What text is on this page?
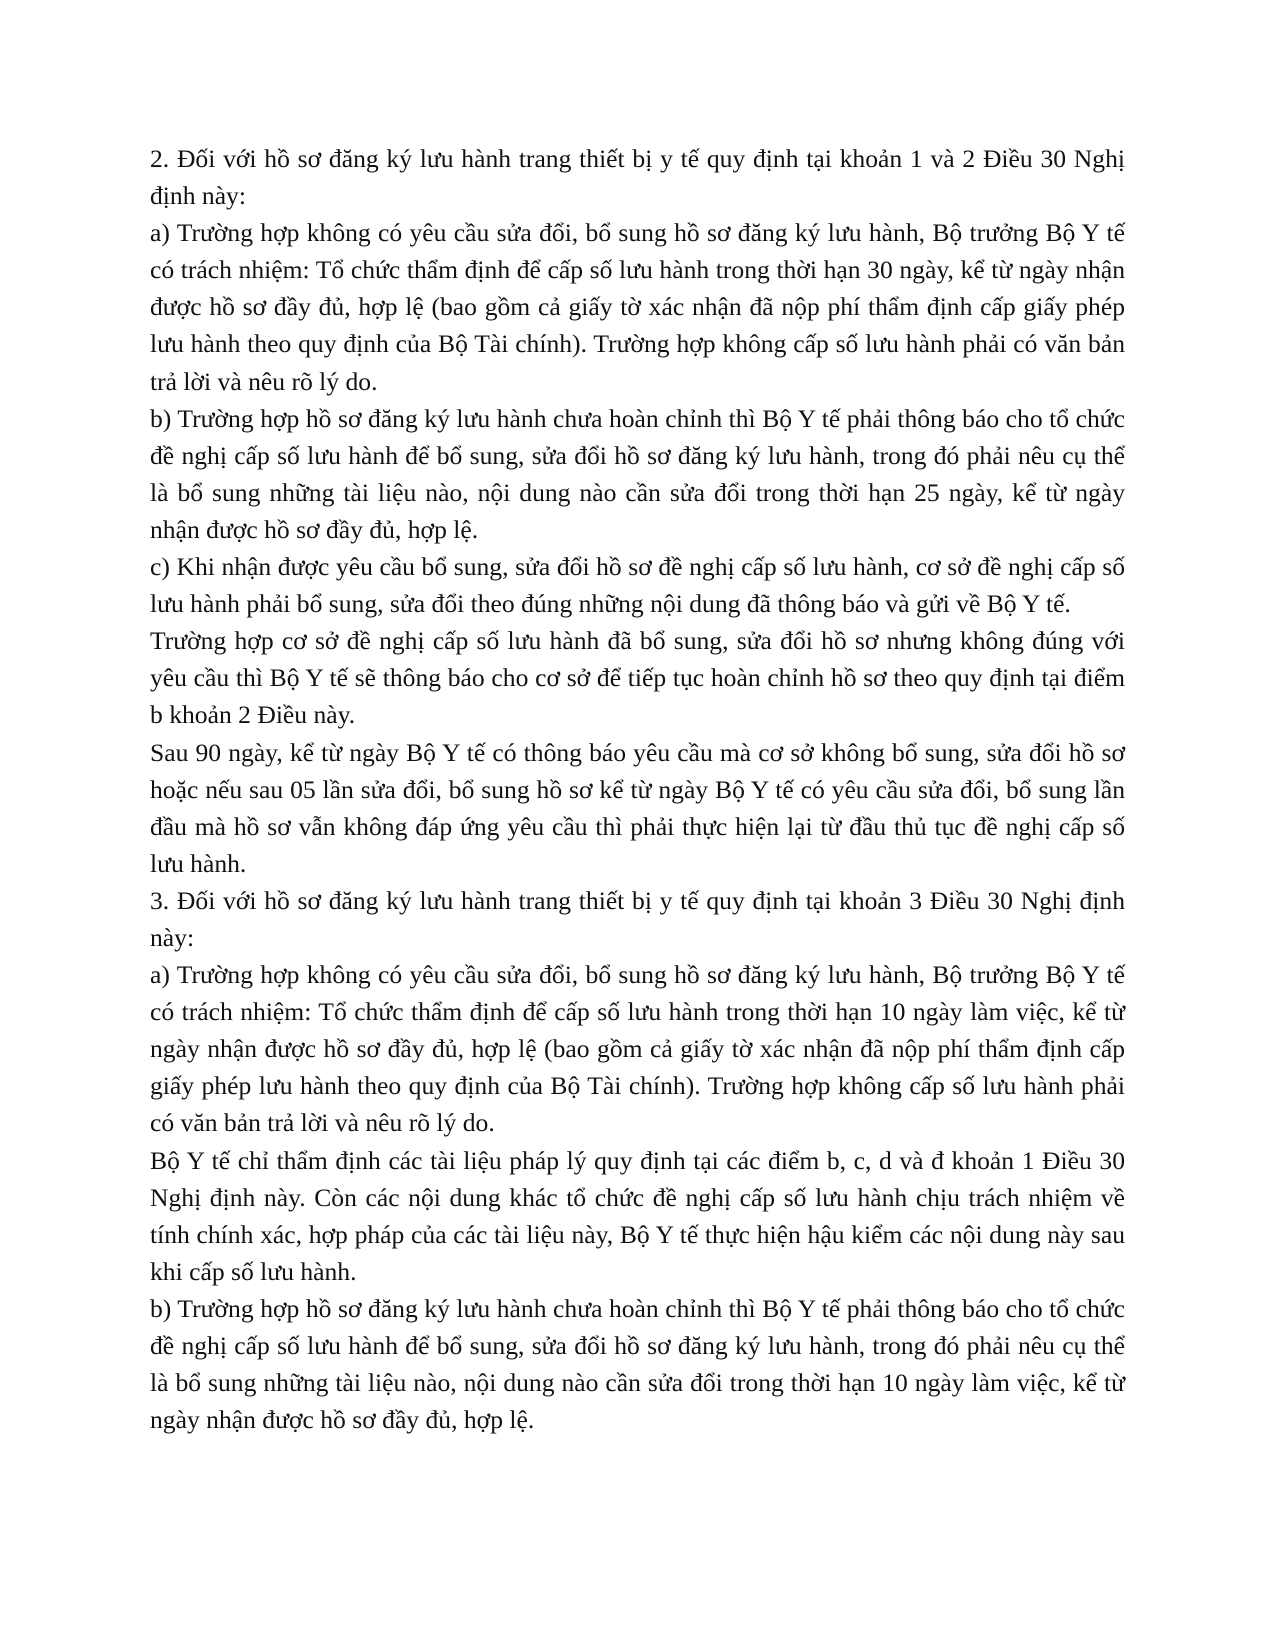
2. Đối với hồ sơ đăng ký lưu hành trang thiết bị y tế quy định tại khoản 1 và 2 Điều 30 Nghị định này:

a) Trường hợp không có yêu cầu sửa đổi, bổ sung hồ sơ đăng ký lưu hành, Bộ trưởng Bộ Y tế có trách nhiệm: Tổ chức thẩm định để cấp số lưu hành trong thời hạn 30 ngày, kể từ ngày nhận được hồ sơ đầy đủ, hợp lệ (bao gồm cả giấy tờ xác nhận đã nộp phí thẩm định cấp giấy phép lưu hành theo quy định của Bộ Tài chính). Trường hợp không cấp số lưu hành phải có văn bản trả lời và nêu rõ lý do.

b) Trường hợp hồ sơ đăng ký lưu hành chưa hoàn chỉnh thì Bộ Y tế phải thông báo cho tổ chức đề nghị cấp số lưu hành để bổ sung, sửa đổi hồ sơ đăng ký lưu hành, trong đó phải nêu cụ thể là bổ sung những tài liệu nào, nội dung nào cần sửa đổi trong thời hạn 25 ngày, kể từ ngày nhận được hồ sơ đầy đủ, hợp lệ.

c) Khi nhận được yêu cầu bổ sung, sửa đổi hồ sơ đề nghị cấp số lưu hành, cơ sở đề nghị cấp số lưu hành phải bổ sung, sửa đổi theo đúng những nội dung đã thông báo và gửi về Bộ Y tế.

Trường hợp cơ sở đề nghị cấp số lưu hành đã bổ sung, sửa đổi hồ sơ nhưng không đúng với yêu cầu thì Bộ Y tế sẽ thông báo cho cơ sở để tiếp tục hoàn chỉnh hồ sơ theo quy định tại điểm b khoản 2 Điều này.

Sau 90 ngày, kể từ ngày Bộ Y tế có thông báo yêu cầu mà cơ sở không bổ sung, sửa đổi hồ sơ hoặc nếu sau 05 lần sửa đổi, bổ sung hồ sơ kể từ ngày Bộ Y tế có yêu cầu sửa đổi, bổ sung lần đầu mà hồ sơ vẫn không đáp ứng yêu cầu thì phải thực hiện lại từ đầu thủ tục đề nghị cấp số lưu hành.

3. Đối với hồ sơ đăng ký lưu hành trang thiết bị y tế quy định tại khoản 3 Điều 30 Nghị định này:

a) Trường hợp không có yêu cầu sửa đổi, bổ sung hồ sơ đăng ký lưu hành, Bộ trưởng Bộ Y tế có trách nhiệm: Tổ chức thẩm định để cấp số lưu hành trong thời hạn 10 ngày làm việc, kể từ ngày nhận được hồ sơ đầy đủ, hợp lệ (bao gồm cả giấy tờ xác nhận đã nộp phí thẩm định cấp giấy phép lưu hành theo quy định của Bộ Tài chính). Trường hợp không cấp số lưu hành phải có văn bản trả lời và nêu rõ lý do.

Bộ Y tế chỉ thẩm định các tài liệu pháp lý quy định tại các điểm b, c, d và đ khoản 1 Điều 30 Nghị định này. Còn các nội dung khác tổ chức đề nghị cấp số lưu hành chịu trách nhiệm về tính chính xác, hợp pháp của các tài liệu này, Bộ Y tế thực hiện hậu kiểm các nội dung này sau khi cấp số lưu hành.

b) Trường hợp hồ sơ đăng ký lưu hành chưa hoàn chỉnh thì Bộ Y tế phải thông báo cho tổ chức đề nghị cấp số lưu hành để bổ sung, sửa đổi hồ sơ đăng ký lưu hành, trong đó phải nêu cụ thể là bổ sung những tài liệu nào, nội dung nào cần sửa đổi trong thời hạn 10 ngày làm việc, kể từ ngày nhận được hồ sơ đầy đủ, hợp lệ.
